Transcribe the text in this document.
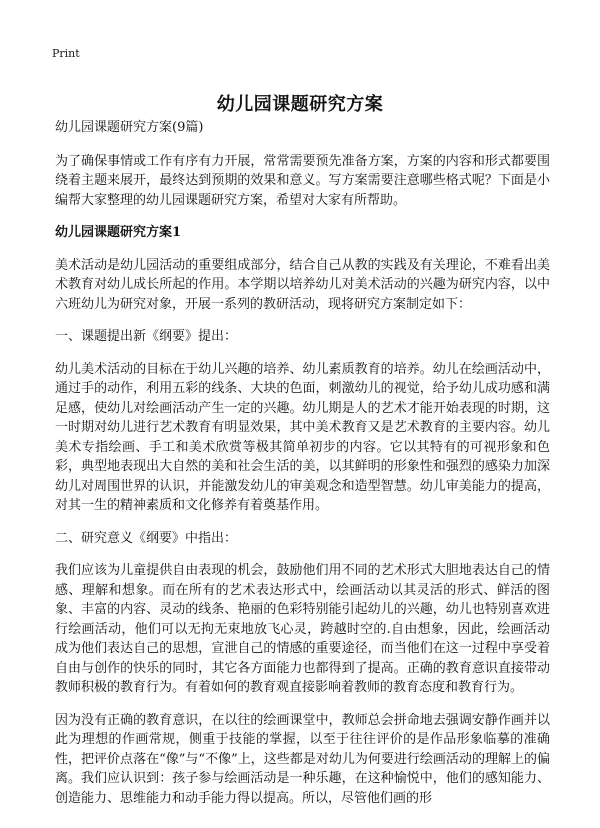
Print
幼儿园课题研究方案

幼儿园课题研究方案(9篇)

为了确保事情或工作有序有力开展，常常需要预先准备方案，方案的内容和形式都要围绕着主题来展开，最终达到预期的效果和意义。写方案需要注意哪些格式呢？下面是小编帮大家整理的幼儿园课题研究方案，希望对大家有所帮助。

幼儿园课题研究方案1

美术活动是幼儿园活动的重要组成部分，结合自己从教的实践及有关理论，不难看出美术教育对幼儿成长所起的作用。本学期以培养幼儿对美术活动的兴趣为研究内容，以中六班幼儿为研究对象，开展一系列的教研活动，现将研究方案制定如下：

一、课题提出新《纲要》提出：

幼儿美术活动的目标在于幼儿兴趣的培养、幼儿素质教育的培养。幼儿在绘画活动中，通过手的动作，利用五彩的线条、大块的色面，刺激幼儿的视觉，给予幼儿成功感和满足感，使幼儿对绘画活动产生一定的兴趣。幼儿期是人的艺术才能开始表现的时期，这一时期对幼儿进行艺术教育有明显效果，其中美术教育又是艺术教育的主要内容。幼儿美术专指绘画、手工和美术欣赏等极其简单初步的内容。它以其特有的可视形象和色彩，典型地表现出大自然的美和社会生活的美，以其鲜明的形象性和强烈的感染力加深幼儿对周围世界的认识，并能激发幼儿的审美观念和造型智慧。幼儿审美能力的提高，对其一生的精神素质和文化修养有着奠基作用。

二、研究意义《纲要》中指出：

我们应该为儿童提供自由表现的机会，鼓励他们用不同的艺术形式大胆地表达自己的情感、理解和想象。而在所有的艺术表达形式中，绘画活动以其灵活的形式、鲜活的图象、丰富的内容、灵动的线条、艳丽的色彩特别能引起幼儿的兴趣，幼儿也特别喜欢进行绘画活动，他们可以无拘无束地放飞心灵，跨越时空的.自由想象，因此，绘画活动成为他们表达自己的思想，宣泄自己的情感的重要途径，而当他们在这一过程中享受着自由与创作的快乐的同时，其它各方面能力也都得到了提高。正确的教育意识直接带动教师积极的教育行为。有着如何的教育观直接影响着教师的教育态度和教育行为。

因为没有正确的教育意识，在以往的绘画课堂中，教师总会拼命地去强调安静作画并以此为理想的作画常规，侧重于技能的掌握，以至于往往评价的是作品形象临摹的准确性，把评价点落在“像”与“不像”上，这些都是对幼儿为何要进行绘画活动的理解上的偏离。我们应认识到：孩子参与绘画活动是一种乐趣，在这种愉悦中，他们的感知能力、创造能力、思维能力和动手能力得以提高。所以，尽管他们画的形
